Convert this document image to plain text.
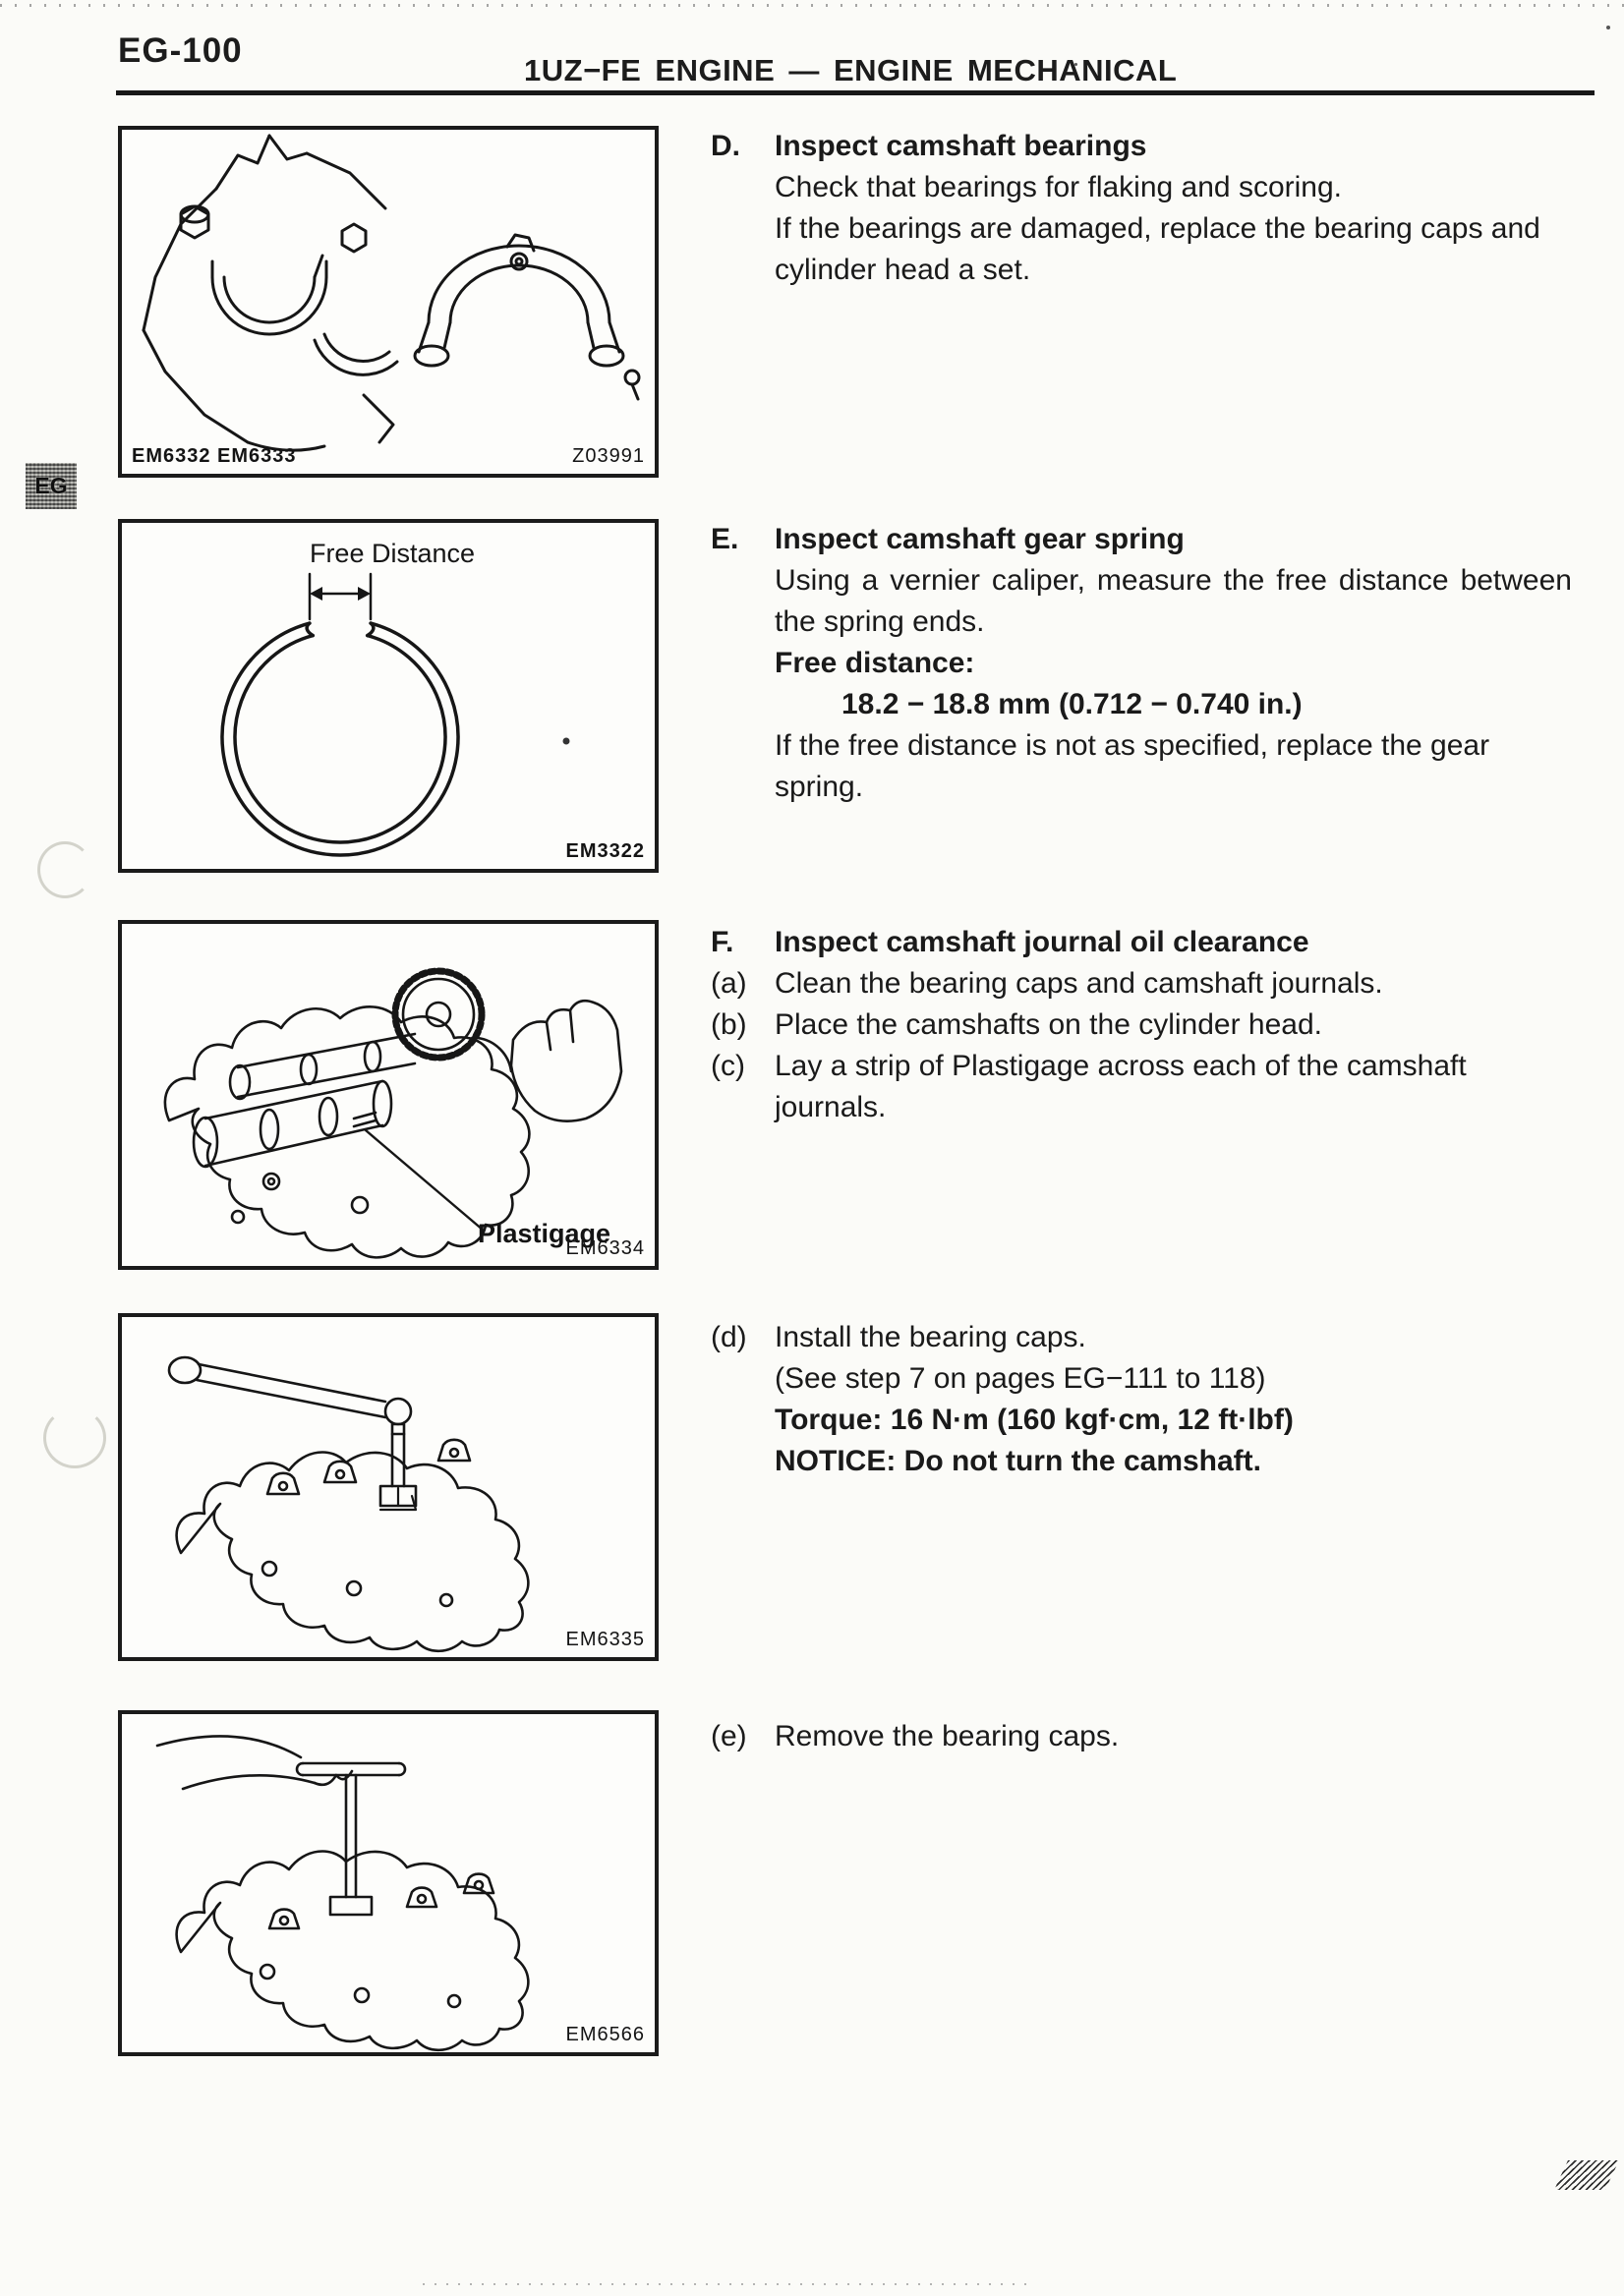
EG-100
1UZ−FE ENGINE — ENGINE MECHANICAL
EG
EM6332 EM6333	Z03991
Free Distance
EM3322
Plastigage
EM6334
EM6335
EM6566
D.	Inspect camshaft bearings
Check that bearings for flaking and scoring.
If the bearings are damaged, replace the bearing caps and cylinder head a set.
E.	Inspect camshaft gear spring
Using a vernier caliper, measure the free distance between the spring ends.
Free distance:
18.2 − 18.8 mm (0.712 − 0.740 in.)
If the free distance is not as specified, replace the gear spring.
F.	Inspect camshaft journal oil clearance
(a) Clean the bearing caps and camshaft journals.
(b) Place the camshafts on the cylinder head.
(c)	Lay a strip of Plastigage across each of the camshaft journals.
(d) Install the bearing caps.
(See step 7 on pages EG−111 to 118)
Torque: 16 N·m (160 kgf·cm, 12 ft·lbf)
NOTICE: Do not turn the camshaft.
(e) Remove the bearing caps.
